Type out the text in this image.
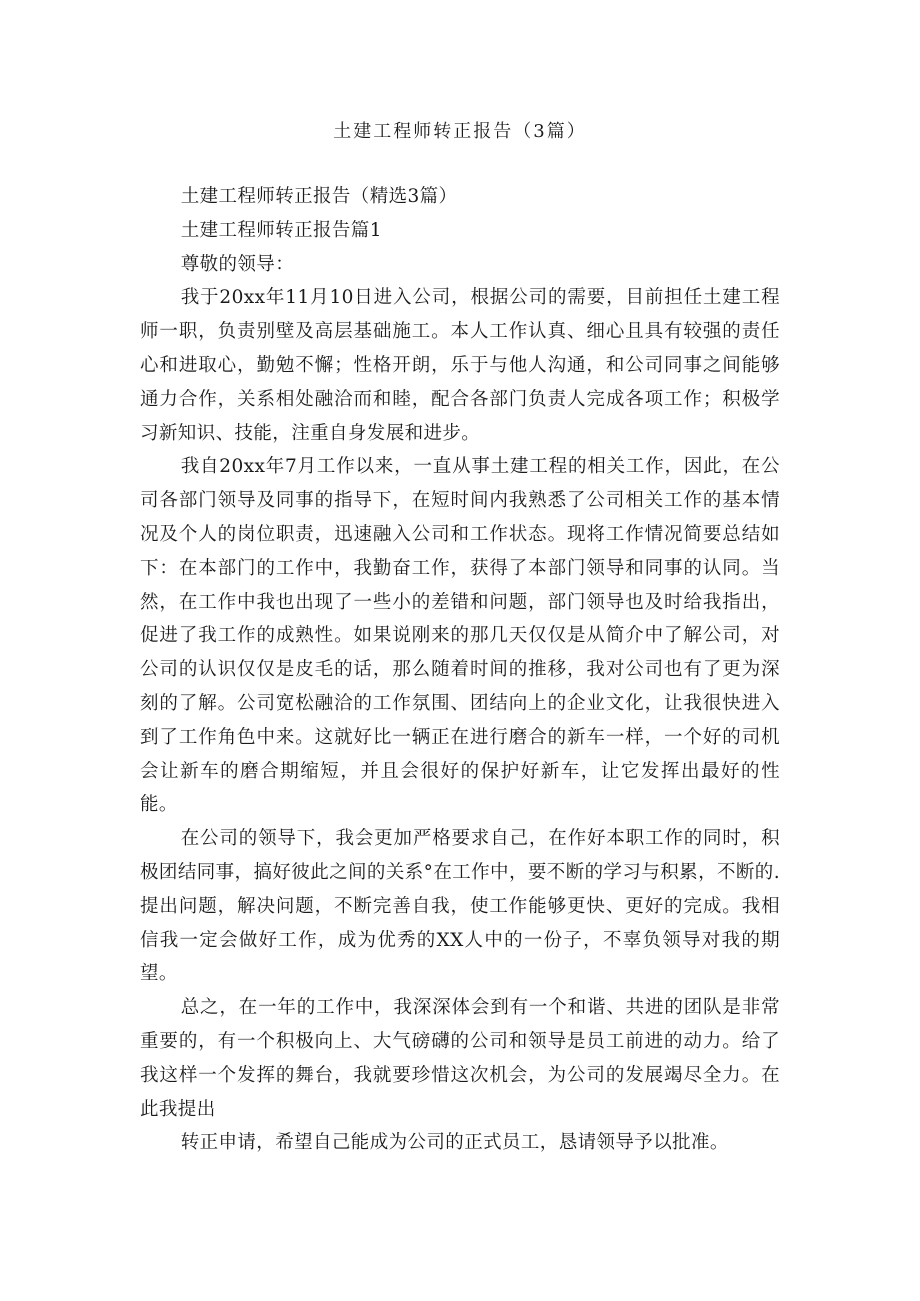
土建工程师转正报告（3篇）

土建工程师转正报告（精选3篇）

土建工程师转正报告篇1

尊敬的领导：

我于20xx年11月10日进入公司，根据公司的需要，目前担任土建工程师一职，负责别壁及高层基础施工。本人工作认真、细心且具有较强的责任心和进取心，勤勉不懈；性格开朗，乐于与他人沟通，和公司同事之间能够通力合作，关系相处融洽而和睦，配合各部门负责人完成各项工作；积极学习新知识、技能，注重自身发展和进步。

我自20xx年7月工作以来，一直从事土建工程的相关工作，因此，在公司各部门领导及同事的指导下，在短时间内我熟悉了公司相关工作的基本情况及个人的岗位职责，迅速融入公司和工作状态。现将工作情况简要总结如下：在本部门的工作中，我勤奋工作，获得了本部门领导和同事的认同。当然，在工作中我也出现了一些小的差错和问题，部门领导也及时给我指出，促进了我工作的成熟性。如果说刚来的那几天仅仅是从简介中了解公司，对公司的认识仅仅是皮毛的话，那么随着时间的推移，我对公司也有了更为深刻的了解。公司宽松融洽的工作氛围、团结向上的企业文化，让我很快进入到了工作角色中来。这就好比一辆正在进行磨合的新车一样，一个好的司机会让新车的磨合期缩短，并且会很好的保护好新车，让它发挥出最好的性能。

在公司的领导下，我会更加严格要求自己，在作好本职工作的同时，积极团结同事，搞好彼此之间的关系°在工作中，要不断的学习与积累，不断的.提出问题，解决问题，不断完善自我，使工作能够更快、更好的完成。我相信我一定会做好工作，成为优秀的XX人中的一份子，不辜负领导对我的期望。

总之，在一年的工作中，我深深体会到有一个和谐、共进的团队是非常重要的，有一个积极向上、大气磅礴的公司和领导是员工前进的动力。给了我这样一个发挥的舞台，我就要珍惜这次机会，为公司的发展竭尽全力。在此我提出

转正申请，希望自己能成为公司的正式员工，恳请领导予以批准。
